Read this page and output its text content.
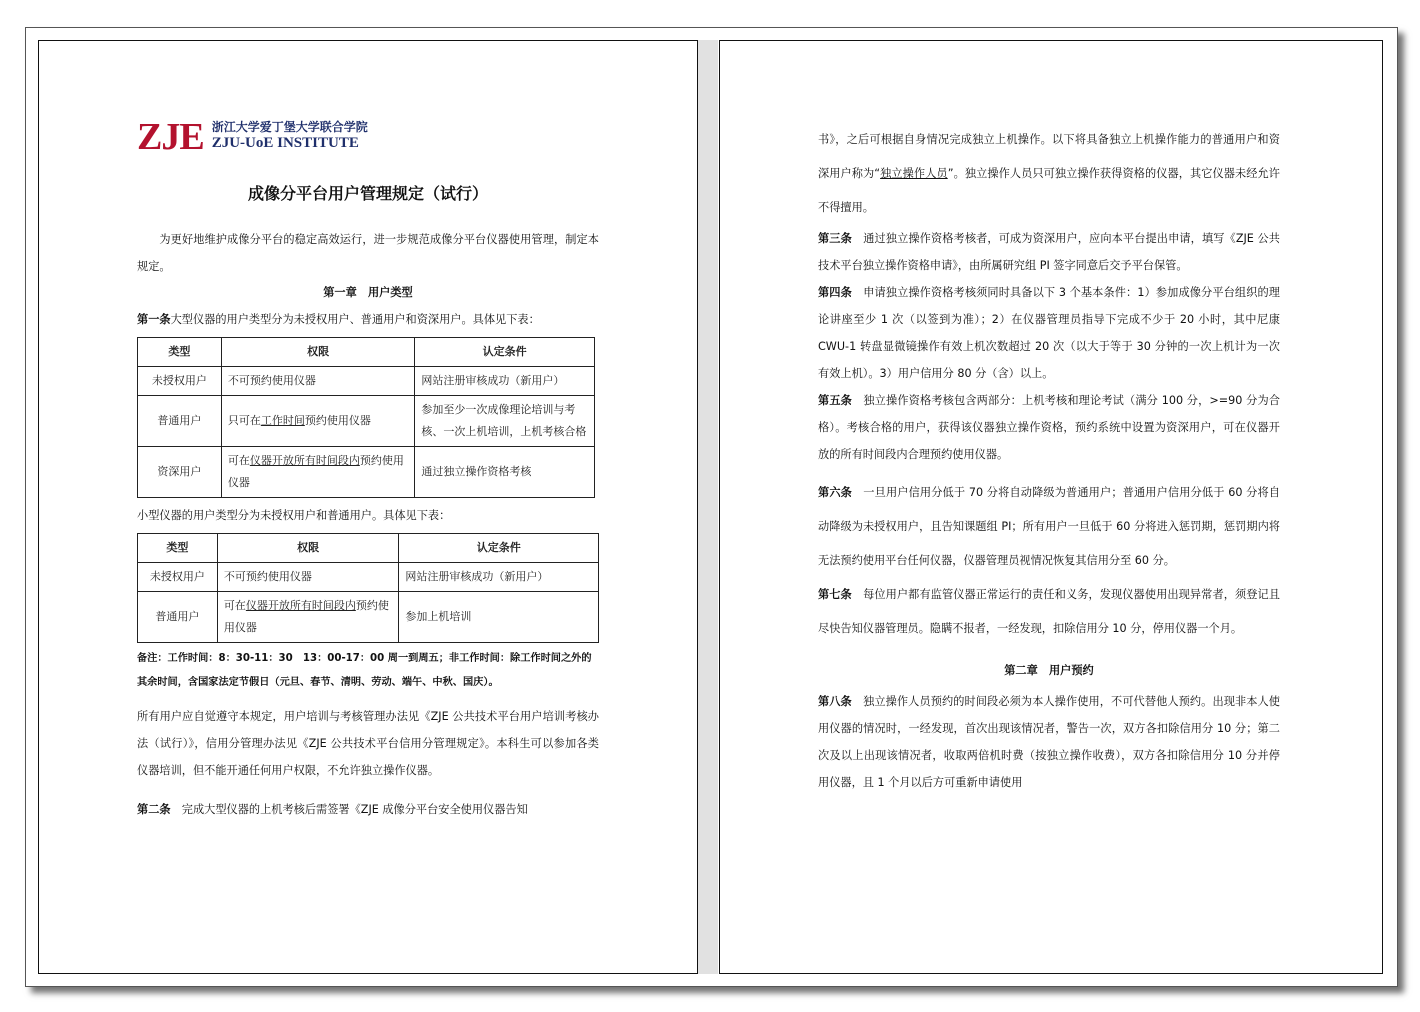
ZJE 浙江大学爱丁堡大学联合学院
ZJU-UoE INSTITUTE
成像分平台用户管理规定（试行）

为更好地维护成像分平台的稳定高效运行，进一步规范成像分平台仪器使用管理，制定本规定。

第一章　用户类型

第一条大型仪器的用户类型分为未授权用户、普通用户和资深用户。具体见下表：

类型	权限	认定条件
未授权用户	不可预约使用仪器	网站注册审核成功（新用户）
普通用户	只可在工作时间预约使用仪器	参加至少一次成像理论培训与考核、一次上机培训，上机考核合格
资深用户	可在仪器开放所有时间段内预约使用仪器	通过独立操作资格考核

小型仪器的用户类型分为未授权用户和普通用户。具体见下表：

类型	权限	认定条件
未授权用户	不可预约使用仪器	网站注册审核成功（新用户）
普通用户	可在仪器开放所有时间段内预约使用仪器	参加上机培训
备注：工作时间：8：30-11：30　13：00-17：00 周一到周五；非工作时间：除工作时间之外的其余时间，含国家法定节假日（元旦、春节、清明、劳动、端午、中秋、国庆）。

所有用户应自觉遵守本规定，用户培训与考核管理办法见《ZJE 公共技术平台用户培训考核办法（试行）》，信用分管理办法见《ZJE 公共技术平台信用分管理规定》。本科生可以参加各类仪器培训，但不能开通任何用户权限，不允许独立操作仪器。

第二条　 完成大型仪器的上机考核后需签署《ZJE 成像分平台安全使用仪器告知

书》，之后可根据自身情况完成独立上机操作。以下将具备独立上机操作能力的普通用户和资深用户称为“独立操作人员”。独立操作人员只可独立操作获得资格的仪器，其它仪器未经允许不得擅用。

第三条　 通过独立操作资格考核者，可成为资深用户，应向本平台提出申请，填写《ZJE 公共技术平台独立操作资格申请》，由所属研究组 PI 签字同意后交予平台保管。

第四条　 申请独立操作资格考核须同时具备以下 3 个基本条件：1）参加成像分平台组织的理论讲座至少 1 次（以签到为准）；2）在仪器管理员指导下完成不少于 20 小时，其中尼康 CWU-1 转盘显微镜操作有效上机次数超过 20 次（以大于等于 30 分钟的一次上机计为一次有效上机）。3）用户信用分 80 分（含）以上。

第五条　 独立操作资格考核包含两部分：上机考核和理论考试（满分 100 分，>=90 分为合格）。考核合格的用户，获得该仪器独立操作资格，预约系统中设置为资深用户，可在仪器开放的所有时间段内合理预约使用仪器。

第六条　 一旦用户信用分低于 70 分将自动降级为普通用户；普通用户信用分低于 60 分将自动降级为未授权用户，且告知课题组 PI；所有用户一旦低于 60 分将进入惩罚期，惩罚期内将无法预约使用平台任何仪器，仪器管理员视情况恢复其信用分至 60 分。

第七条　 每位用户都有监管仪器正常运行的责任和义务，发现仪器使用出现异常者，须登记且尽快告知仪器管理员。隐瞒不报者，一经发现，扣除信用分 10 分，停用仪器一个月。

第二章　用户预约

第八条　 独立操作人员预约的时间段必须为本人操作使用，不可代替他人预约。出现非本人使用仪器的情况时，一经发现，首次出现该情况者，警告一次，双方各扣除信用分 10 分；第二次及以上出现该情况者，收取两倍机时费（按独立操作收费），双方各扣除信用分 10 分并停用仪器，且 1 个月以后方可重新申请使用
